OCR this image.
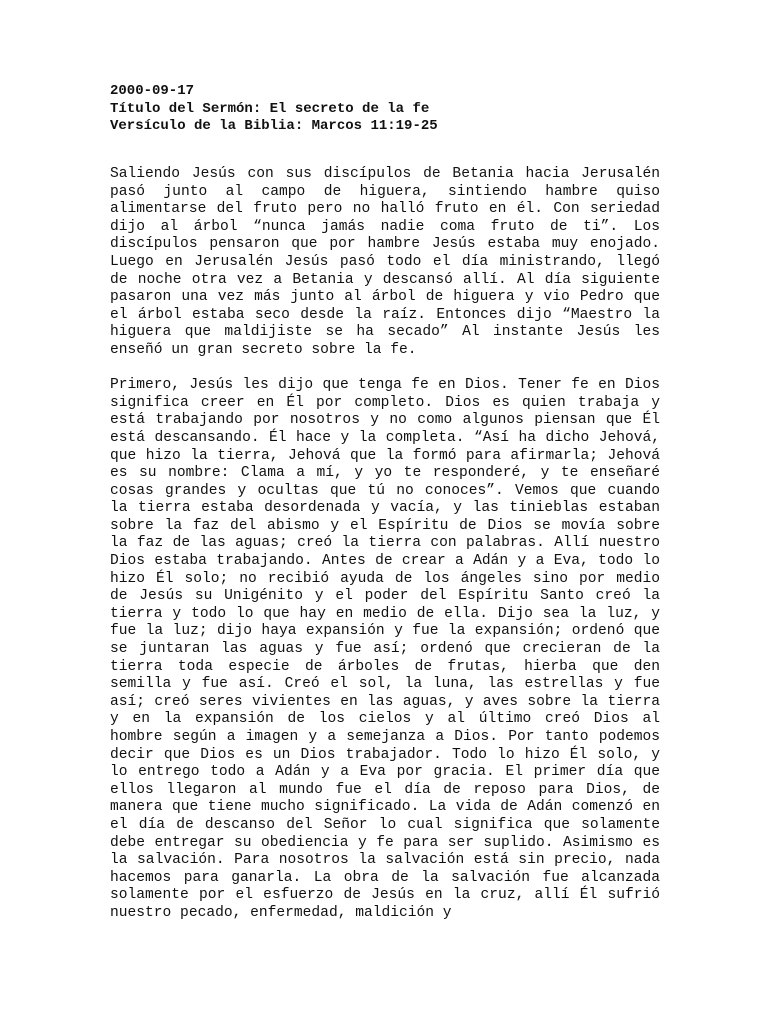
2000-09-17
Título del Sermón: El secreto de la fe
Versículo de la Biblia: Marcos 11:19-25

Saliendo Jesús con sus discípulos de Betania hacia Jerusalén pasó junto al campo de higuera, sintiendo hambre quiso alimentarse del fruto pero no halló fruto en él. Con seriedad dijo al árbol “nunca jamás nadie coma fruto de ti”. Los discípulos pensaron que por hambre Jesús estaba muy enojado. Luego en Jerusalén Jesús pasó todo el día ministrando, llegó de noche otra vez a Betania y descansó allí. Al día siguiente pasaron una vez más junto al árbol de higuera y vio Pedro que el árbol estaba seco desde la raíz. Entonces dijo “Maestro la higuera que maldijiste se ha secado” Al instante Jesús les enseñó un gran secreto sobre la fe.

Primero, Jesús les dijo que tenga fe en Dios. Tener fe en Dios significa creer en Él por completo. Dios es quien trabaja y está trabajando por nosotros y no como algunos piensan que Él está descansando. Él hace y la completa. “Así ha dicho Jehová, que hizo la tierra, Jehová que la formó para afirmarla; Jehová es su nombre: Clama a mí, y yo te responderé, y te enseñaré cosas grandes y ocultas que tú no conoces”. Vemos que cuando la tierra estaba desordenada y vacía, y las tinieblas estaban sobre la faz del abismo y el Espíritu de Dios se movía sobre la faz de las aguas; creó la tierra con palabras. Allí nuestro Dios estaba trabajando. Antes de crear a Adán y a Eva, todo lo hizo Él solo; no recibió ayuda de los ángeles sino por medio de Jesús su Unigénito y el poder del Espíritu Santo creó la tierra y todo lo que hay en medio de ella. Dijo sea la luz, y fue la luz; dijo haya expansión y fue la expansión; ordenó que se juntaran las aguas y fue así; ordenó que crecieran de la tierra toda especie de árboles de frutas, hierba que den semilla y fue así. Creó el sol, la luna, las estrellas y fue así; creó seres vivientes en las aguas, y aves sobre la tierra y en la expansión de los cielos y al último creó Dios al hombre según a imagen y a semejanza a Dios. Por tanto podemos decir que Dios es un Dios trabajador. Todo lo hizo Él solo, y lo entrego todo a Adán y a Eva por gracia. El primer día que ellos llegaron al mundo fue el día de reposo para Dios, de manera que tiene mucho significado. La vida de Adán comenzó en el día de descanso del Señor lo cual significa que solamente debe entregar su obediencia y fe para ser suplido. Asimismo es la salvación. Para nosotros la salvación está sin precio, nada hacemos para ganarla. La obra de la salvación fue alcanzada solamente por el esfuerzo de Jesús en la cruz, allí Él sufrió nuestro pecado, enfermedad, maldición y
